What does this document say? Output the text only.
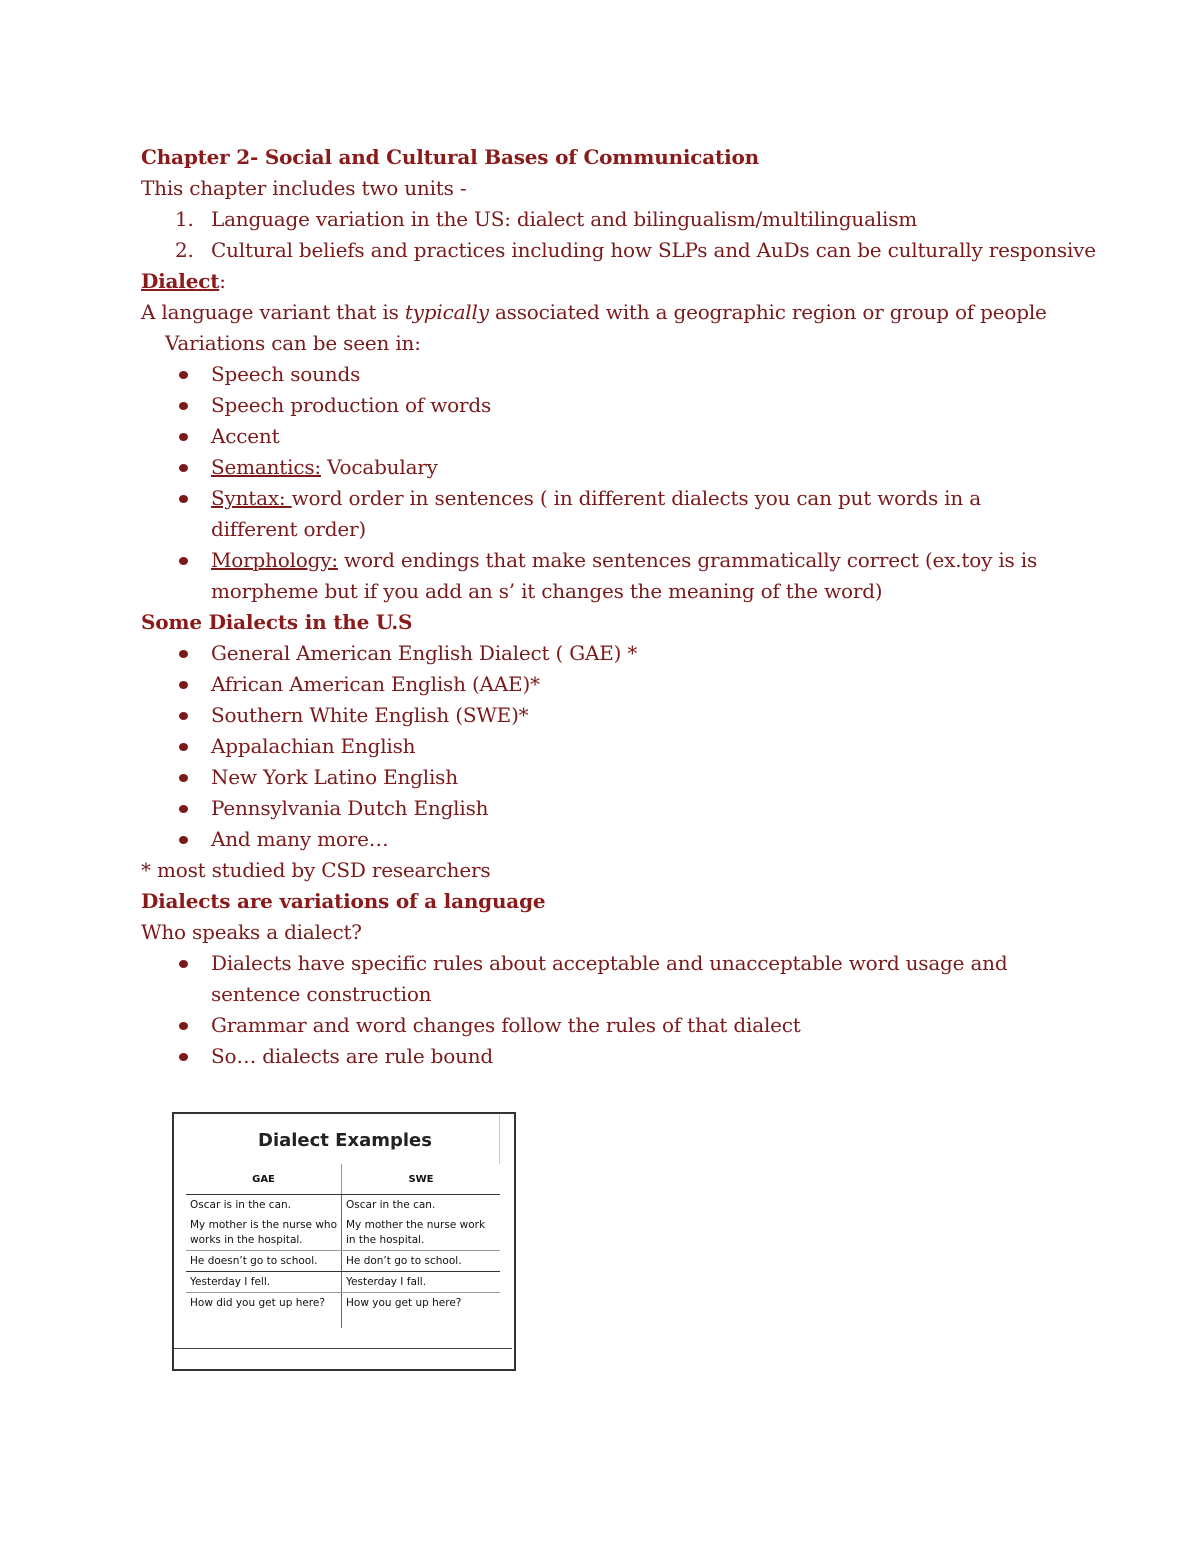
Chapter 2- Social and Cultural Bases of Communication
This chapter includes two units -
1. Language variation in the US: dialect and bilingualism/multilingualism
2. Cultural beliefs and practices including how SLPs and AuDs can be culturally responsive
Dialect:
A language variant that is typically associated with a geographic region or group of people
Variations can be seen in:
Speech sounds
Speech production of words
Accent
Semantics: Vocabulary
Syntax: word order in sentences ( in different dialects you can put words in a different order)
Morphology: word endings that make sentences grammatically correct (ex.toy is is morpheme but if you add an s’ it changes the meaning of the word)
Some Dialects in the U.S
General American English Dialect ( GAE) *
African American English (AAE)*
Southern White English (SWE)*
Appalachian English
New York Latino English
Pennsylvania Dutch English
And many more…
* most studied by CSD researchers
Dialects are variations of a language
Who speaks a dialect?
Dialects have specific rules about acceptable and unacceptable word usage and sentence construction
Grammar and word changes follow the rules of that dialect
So… dialects are rule bound
Dialect Examples
GAE	SWE
Oscar is in the can.	Oscar in the can.
My mother is the nurse who works in the hospital.	My mother the nurse work in the hospital.
He doesn’t go to school.	He don’t go to school.
Yesterday I fell.	Yesterday I fall.
How did you get up here?	How you get up here?
